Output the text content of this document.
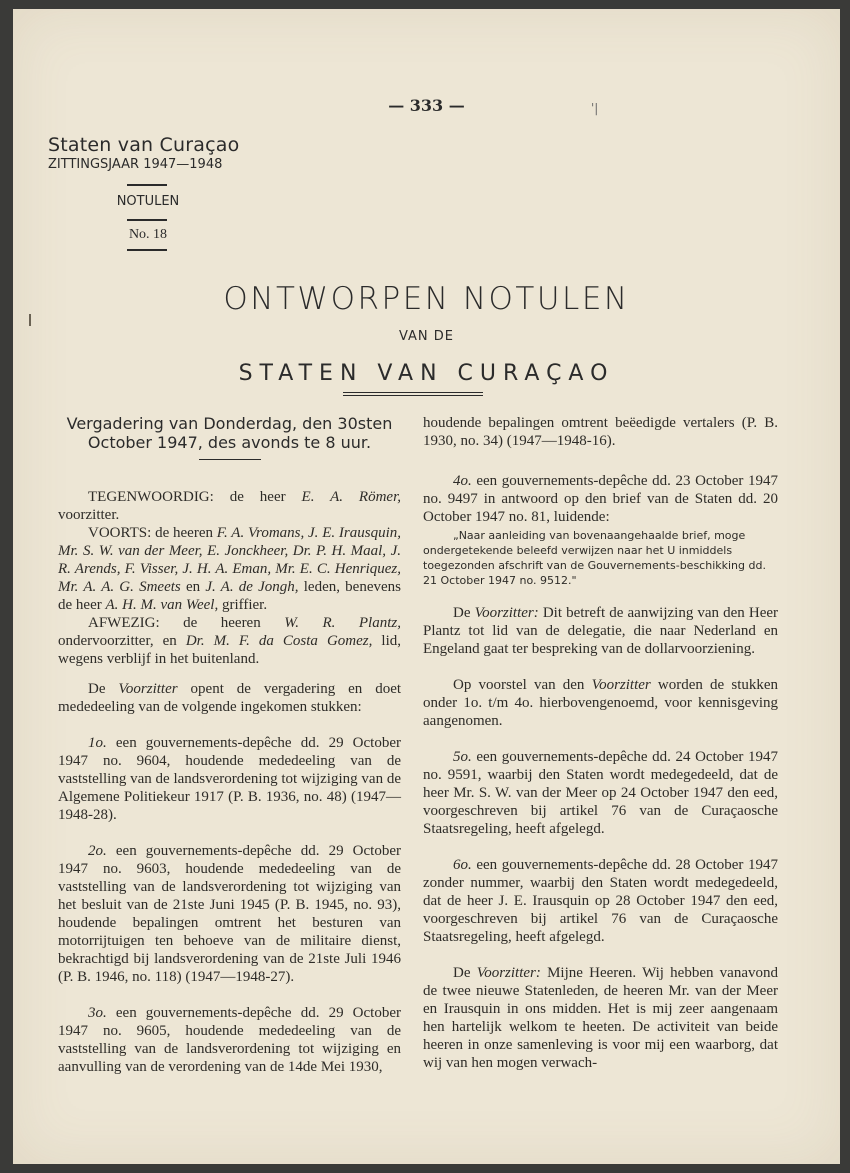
— 333 —	'|
Staten van Curaçao
ZITTINGSJAAR 1947—1948
NOTULEN
No. 18
ONTWORPEN NOTULEN
VAN DE
STATEN VAN CURAÇAO
Vergadering van Donderdag, den 30sten
October 1947, des avonds te 8 uur.

TEGENWOORDIG: de heer E. A. Römer, voorzitter.

VOORTS: de heeren F. A. Vromans, J. E. Irausquin, Mr. S. W. van der Meer, E. Jonckheer, Dr. P. H. Maal, J. R. Arends, F. Visser, J. H. A. Eman, Mr. E. C. Henriquez, Mr. A. A. G. Smeets en J. A. de Jongh, leden, benevens de heer A. H. M. van Weel, griffier.

AFWEZIG: de heeren W. R. Plantz, ondervoorzitter, en Dr. M. F. da Costa Gomez, lid, wegens verblijf in het buitenland.

De Voorzitter opent de vergadering en doet mededeeling van de volgende ingekomen stukken:

1o. een gouvernements-depêche dd. 29 October 1947 no. 9604, houdende mededeeling van de vaststelling van de landsverordening tot wijziging van de Algemene Politiekeur 1917 (P. B. 1936, no. 48) (1947—1948-28).

2o. een gouvernements-depêche dd. 29 October 1947 no. 9603, houdende mededeeling van de vaststelling van de landsverordening tot wijziging van het besluit van de 21ste Juni 1945 (P. B. 1945, no. 93), houdende bepalingen omtrent het besturen van motorrijtuigen ten behoeve van de militaire dienst, bekrachtigd bij landsverordening van de 21ste Juli 1946 (P. B. 1946, no. 118) (1947—1948-27).

3o. een gouvernements-depêche dd. 29 October 1947 no. 9605, houdende mededeeling van de vaststelling van de landsverordening tot wijziging en aanvulling van de verordening van de 14de Mei 1930,

houdende bepalingen omtrent beëedigde vertalers (P. B. 1930, no. 34) (1947—1948-16).

4o. een gouvernements-depêche dd. 23 October 1947 no. 9497 in antwoord op den brief van de Staten dd. 20 October 1947 no. 81, luidende:

„Naar aanleiding van bovenaangehaalde brief, moge ondergetekende beleefd verwijzen naar het U inmiddels toegezonden afschrift van de Gouvernements-beschikking dd. 21 October 1947 no. 9512."

De Voorzitter: Dit betreft de aanwijzing van den Heer Plantz tot lid van de delegatie, die naar Nederland en Engeland gaat ter bespreking van de dollarvoorziening.

Op voorstel van den Voorzitter worden de stukken onder 1o. t/m 4o. hierbovengenoemd, voor kennisgeving aangenomen.

5o. een gouvernements-depêche dd. 24 October 1947 no. 9591, waarbij den Staten wordt medegedeeld, dat de heer Mr. S. W. van der Meer op 24 October 1947 den eed, voorgeschreven bij artikel 76 van de Curaçaosche Staatsregeling, heeft afgelegd.

6o. een gouvernements-depêche dd. 28 October 1947 zonder nummer, waarbij den Staten wordt medegedeeld, dat de heer J. E. Irausquin op 28 October 1947 den eed, voorgeschreven bij artikel 76 van de Curaçaosche Staatsregeling, heeft afgelegd.

De Voorzitter: Mijne Heeren. Wij hebben vanavond de twee nieuwe Statenleden, de heeren Mr. van der Meer en Irausquin in ons midden. Het is mij zeer aangenaam hen hartelijk welkom te heeten. De activiteit van beide heeren in onze samenleving is voor mij een waarborg, dat wij van hen mogen verwach-
